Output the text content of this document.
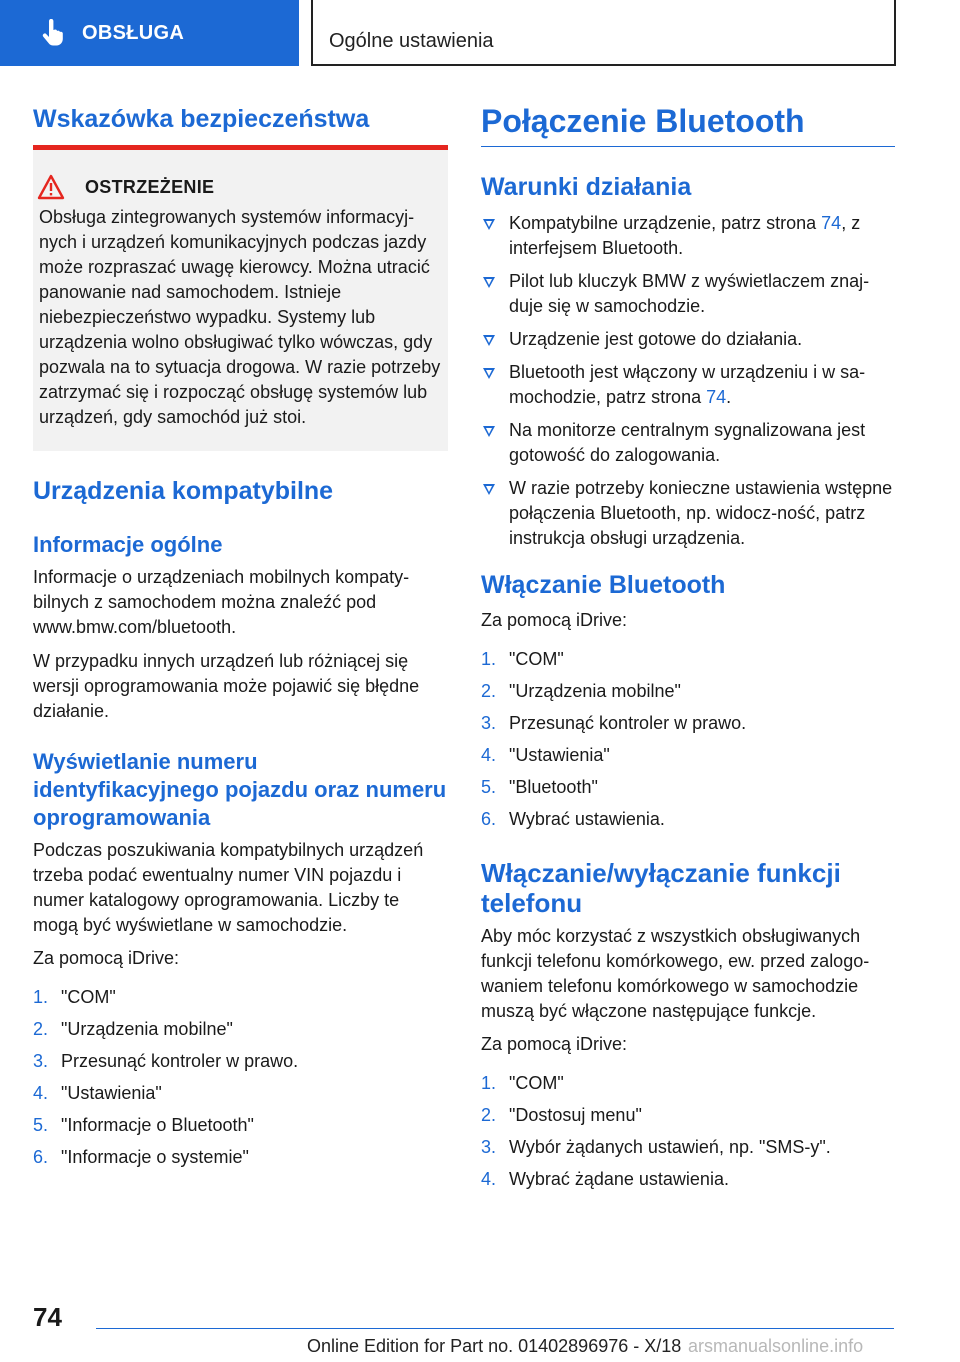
OBSŁUGA	Ogólne ustawienia
Wskazówka bezpieczeństwa
OSTRZEŻENIE
Obsługa zintegrowanych systemów informacyj-nych i urządzeń komunikacyjnych podczas jazdy może rozpraszać uwagę kierowcy. Można utracić panowanie nad samochodem. Istnieje niebezpieczeństwo wypadku. Systemy lub urządzenia wolno obsługiwać tylko wówczas, gdy pozwala na to sytuacja drogowa. W razie potrzeby zatrzymać się i rozpocząć obsługę systemów lub urządzeń, gdy samochód już stoi.
Urządzenia kompatybilne
Informacje ogólne
Informacje o urządzeniach mobilnych kompaty-bilnych z samochodem można znaleźć pod www.bmw.com/bluetooth.
W przypadku innych urządzeń lub różniącej się wersji oprogramowania może pojawić się błędne działanie.
Wyświetlanie numeru identyfikacyjnego pojazdu oraz numeru oprogramowania
Podczas poszukiwania kompatybilnych urządzeń trzeba podać ewentualny numer VIN pojazdu i numer katalogowy oprogramowania. Liczby te mogą być wyświetlane w samochodzie.
Za pomocą iDrive:
1. "COM"
2. "Urządzenia mobilne"
3. Przesunąć kontroler w prawo.
4. "Ustawienia"
5. "Informacje o Bluetooth"
6. "Informacje o systemie"
Połączenie Bluetooth
Warunki działania
Kompatybilne urządzenie, patrz strona 74, z interfejsem Bluetooth.
Pilot lub kluczyk BMW z wyświetlaczem znaj-duje się w samochodzie.
Urządzenie jest gotowe do działania.
Bluetooth jest włączony w urządzeniu i w sa-mochodzie, patrz strona 74.
Na monitorze centralnym sygnalizowana jest gotowość do zalogowania.
W razie potrzeby konieczne ustawienia wstępne połączenia Bluetooth, np. widocz-ność, patrz instrukcja obsługi urządzenia.
Włączanie Bluetooth
Za pomocą iDrive:
1. "COM"
2. "Urządzenia mobilne"
3. Przesunąć kontroler w prawo.
4. "Ustawienia"
5. "Bluetooth"
6. Wybrać ustawienia.
Włączanie/wyłączanie funkcji telefonu
Aby móc korzystać z wszystkich obsługiwanych funkcji telefonu komórkowego, ew. przed zalogo-waniem telefonu komórkowego w samochodzie muszą być włączone następujące funkcje.
Za pomocą iDrive:
1. "COM"
2. "Dostosuj menu"
3. Wybór żądanych ustawień, np. "SMS-y".
4. Wybrać żądane ustawienia.
74
Online Edition for Part no. 01402896976 - X/18 arsmanualsonline.info
